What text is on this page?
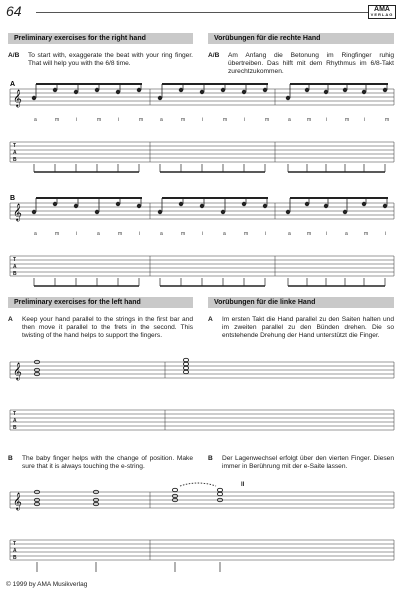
64	AMA
VERLAG
Preliminary exercises for the right hand	Vorübungen für die rechte Hand
A/B To start with, exaggerate the beat with your ring finger. That will help you with the 6/8 time.
A/B Am Anfang die Betonung im Ringfinger ruhig übertreiben. Das hilft mit dem Rhythmus im 6/8-Takt zurechtzukommen.
A
𝄞
a	m	i	m	i	m	a	m	i	m	i	m	a	m	i	m	i	m
T
A
B
B
𝄞
a	m	i	a	m	i	a	m	i	a	m	i	a	m	i	a	m	i
T
A
B
Preliminary exercises for the left hand	Vorübungen für die linke Hand
A Keep your hand parallel to the strings in the first bar and then move it parallel to the frets in the second. This twisting of the hand helps to support the fingers.
A Im ersten Takt die Hand parallel zu den Saiten halten und im zweiten parallel zu den Bünden drehen. Die so entstehende Drehung der Hand unterstützt die Finger.
𝄞
T
A
B
B The baby finger helps with the change of position. Make sure that it is always touching the e-string.
B Der Lagenwechsel erfolgt über den vierten Finger. Diesen immer in Berührung mit der e-Saite lassen.
II
𝄞
T
A
B
© 1999 by AMA Musikverlag
